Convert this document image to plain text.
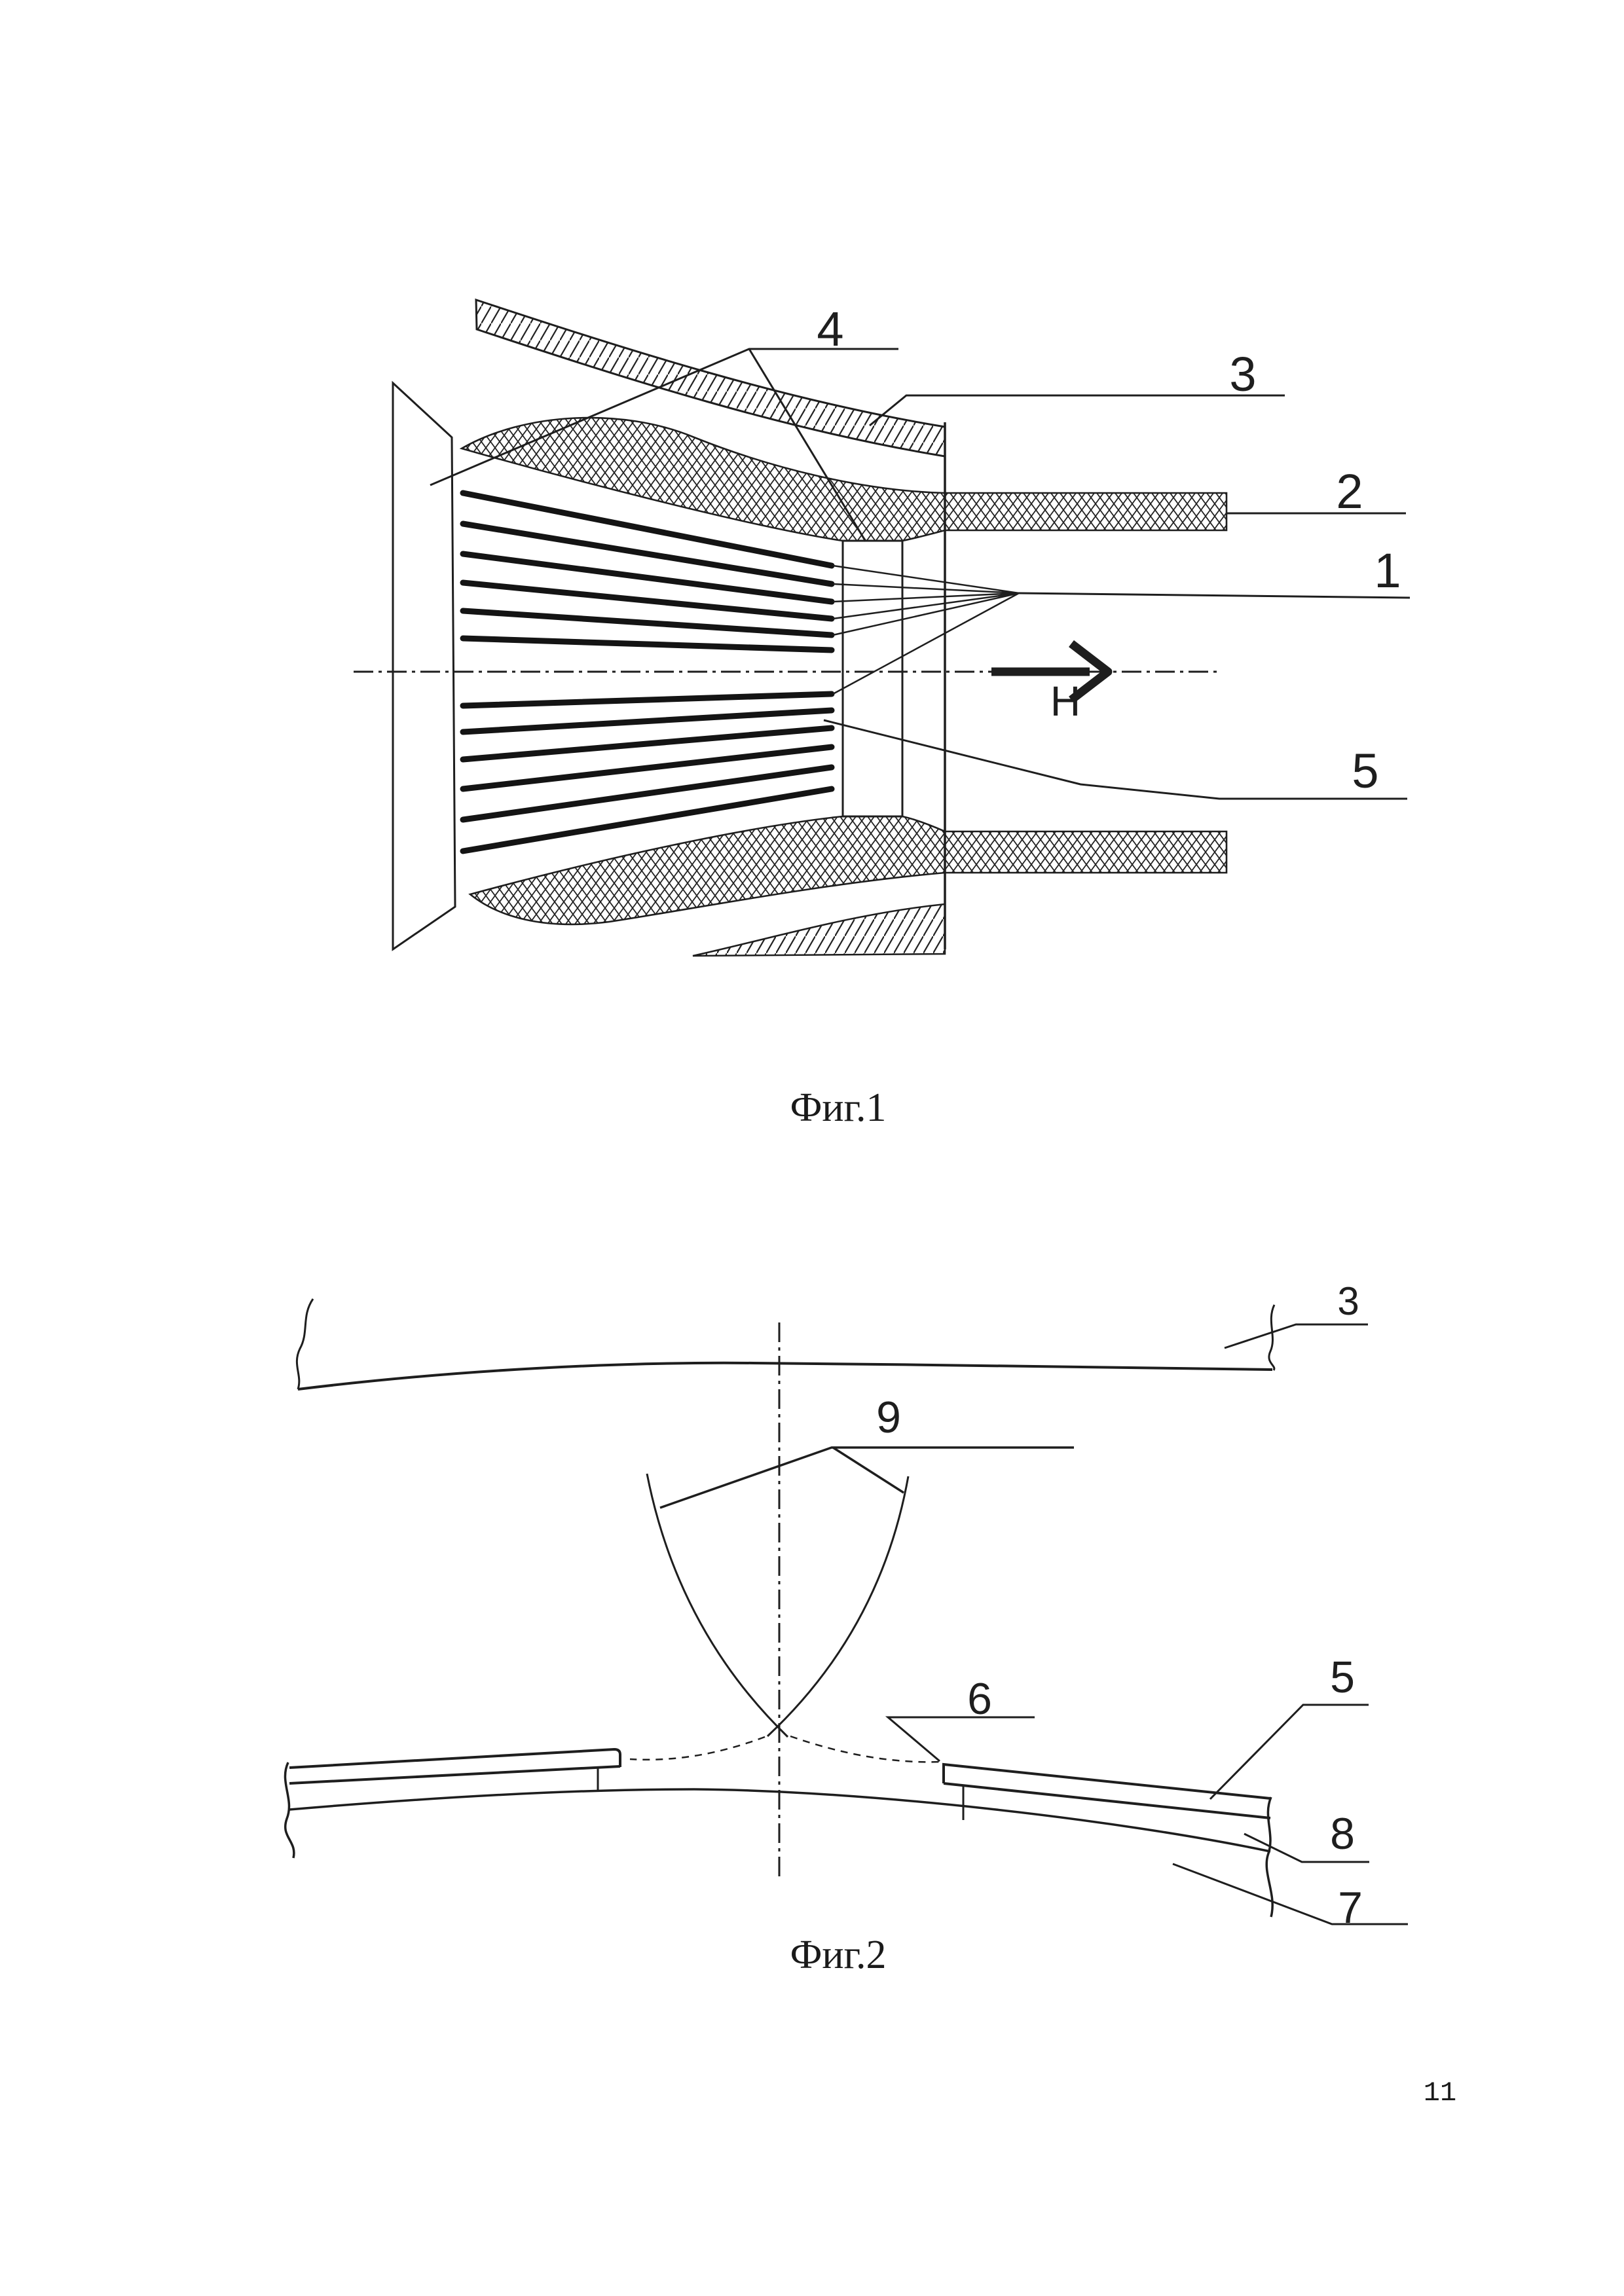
H
4
3
2
1
5
Фиг.1
3
9
6	5
8
7
Фиг.2
11
